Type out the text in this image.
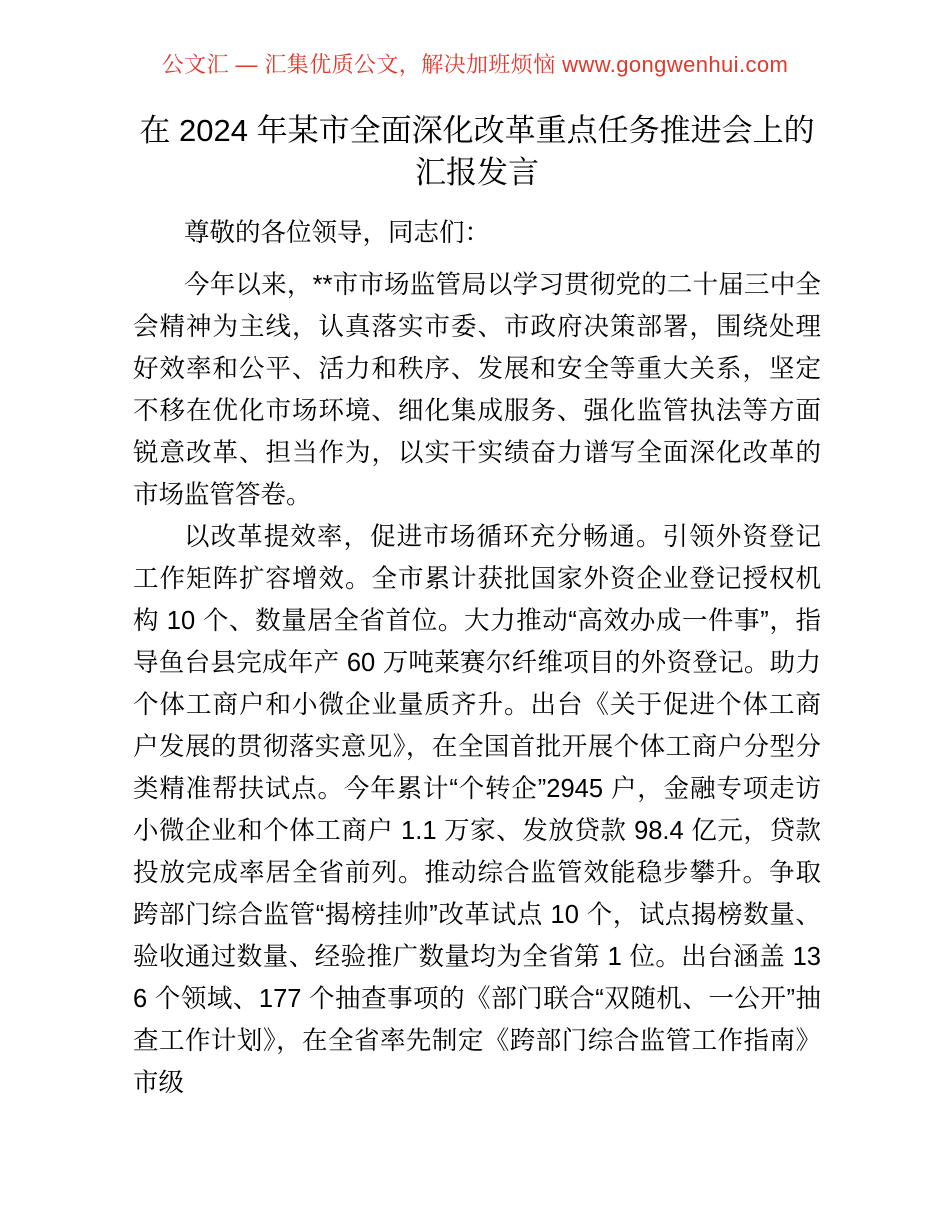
公文汇 — 汇集优质公文，解决加班烦恼 www.gongwenhui.com
在 2024 年某市全面深化改革重点任务推进会上的汇报发言

尊敬的各位领导，同志们：

今年以来，**市市场监管局以学习贯彻党的二十届三中全会精神为主线，认真落实市委、市政府决策部署，围绕处理好效率和公平、活力和秩序、发展和安全等重大关系，坚定不移在优化市场环境、细化集成服务、强化监管执法等方面锐意改革、担当作为，以实干实绩奋力谱写全面深化改革的市场监管答卷。

以改革提效率，促进市场循环充分畅通。引领外资登记工作矩阵扩容增效。全市累计获批国家外资企业登记授权机构 10 个、数量居全省首位。大力推动“高效办成一件事”，指导鱼台县完成年产 60 万吨莱赛尔纤维项目的外资登记。助力个体工商户和小微企业量质齐升。出台《关于促进个体工商户发展的贯彻落实意见》，在全国首批开展个体工商户分型分类精准帮扶试点。今年累计“个转企”2945 户，金融专项走访小微企业和个体工商户 1.1 万家、发放贷款 98.4 亿元，贷款投放完成率居全省前列。推动综合监管效能稳步攀升。争取跨部门综合监管“揭榜挂帅”改革试点 10 个，试点揭榜数量、验收通过数量、经验推广数量均为全省第 1 位。出台涵盖 136 个领域、177 个抽查事项的《部门联合“双随机、一公开”抽查工作计划》，在全省率先制定《跨部门综合监管工作指南》市级
